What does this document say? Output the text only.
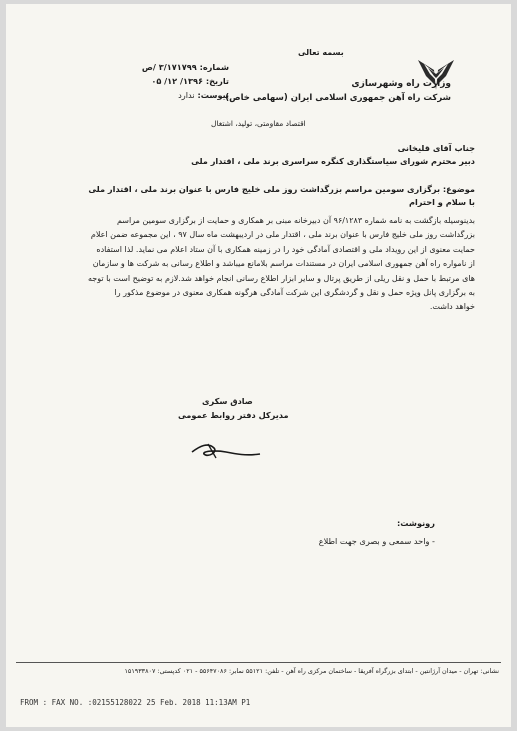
بسمه تعالی
وزارت راه وشهرسازی
شرکت راه آهن جمهوری اسلامی ایران (سهامی خاص)
شماره: ۳/۱۷۱۷۹۹ /ص
تاریخ: ۱۳۹۶/ ۱۲/ ۰۵
پیوست: ندارد
اقتصاد مقاومتی، تولید، اشتغال
جناب آقای قلیخانی
دبیر محترم شورای سیاستگذاری کنگره سراسری برند ملی ، اقتدار ملی
موضوع: برگزاری سومین مراسم بزرگداشت روز ملی خلیج فارس با عنوان برند ملی ، اقتدار ملی
با سلام و احترام
بدینوسیله بازگشت به نامه شماره ۹۶/۱۲۸۳ آن دبیرخانه مبنی بر همکاری و حمایت از برگزاری سومین مراسم
بزرگداشت روز ملی خلیج فارس با عنوان برند ملی ، اقتدار ملی در اردیبهشت ماه سال ۹۷ ، این مجموعه ضمن اعلام
حمایت معنوی از این رویداد ملی و اقتصادی آمادگی خود را در زمینه همکاری با آن ستاد اعلام می نماید. لذا استفاده
از نامواره راه آهن جمهوری اسلامی ایران در مستندات مراسم بلامانع میباشد و اطلاع رسانی به شرکت ها و سازمان
های مرتبط با حمل و نقل ریلی از طریق پرتال و سایر ابزار اطلاع رسانی انجام خواهد شد.لازم به توضیح است با توجه
به برگزاری پانل ویژه حمل و نقل و گردشگری این شرکت آمادگی هرگونه همکاری معنوی در موضوع مذکور را
خواهد داشت.
صادق سکری
مدیرکل دفتر روابط عمومی
رونوشت:
- واحد سمعی و بصری جهت اطلاع
نشانی: تهران - میدان آرژانتین - ابتدای بزرگراه آفریقا - ساختمان مرکزی راه آهن - تلفن: ۵۵۱۲۱ نمابر: ۵۵۶۴۷۰۸۶ - ۰۲۱ کدپستی: ۱۵۱۹۳۳۸۰۷
FROM : FAX NO. :02155128022 25 Feb. 2018 11:13AM P1
